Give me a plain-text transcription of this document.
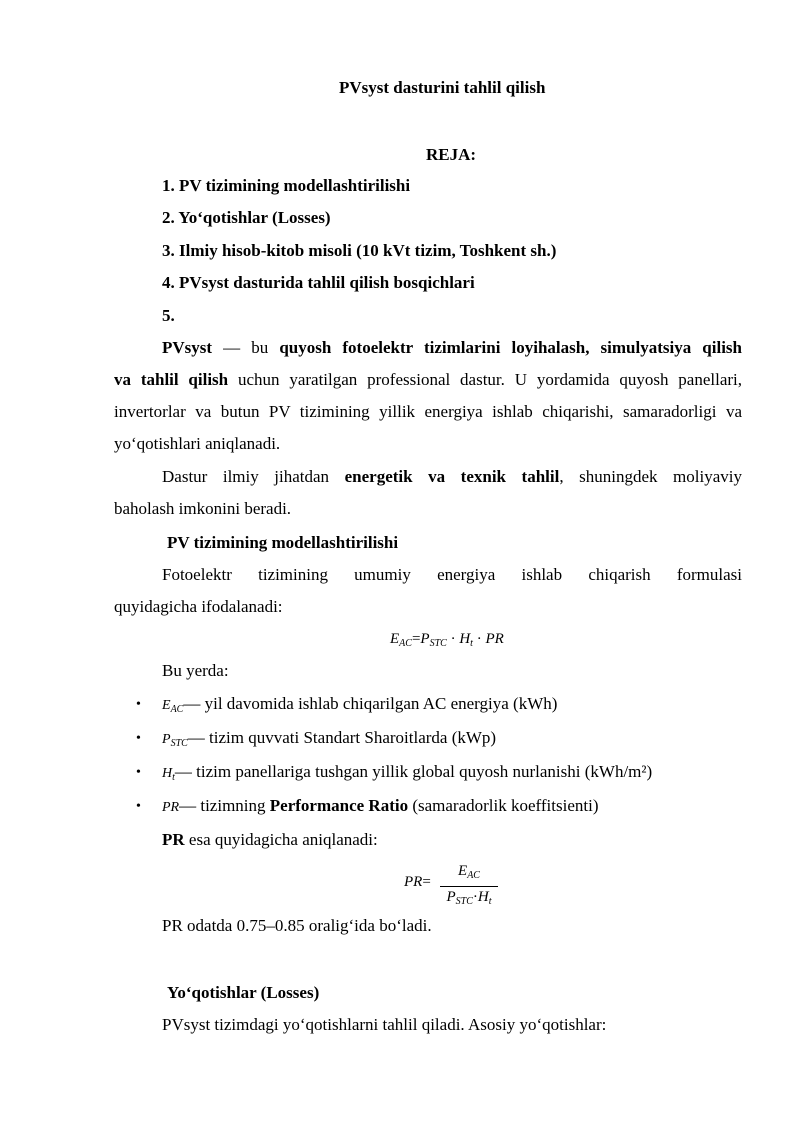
PVsyst dasturini tahlil qilish
REJA:
1. PV tizimining modellashtirilishi
2. Yo‘qotishlar (Losses)
3. Ilmiy hisob-kitob misoli (10 kVt tizim, Toshkent sh.)
4. PVsyst dasturida tahlil qilish bosqichlari
5.
PVsyst — bu quyosh fotoelektr tizimlarini loyihalash, simulyatsiya qilish
va tahlil qilish uchun yaratilgan professional dastur. U yordamida quyosh panellari,
invertorlar va butun PV tizimining yillik energiya ishlab chiqarishi, samaradorligi va
yo‘qotishlari aniqlanadi.
Dastur ilmiy jihatdan energetik va texnik tahlil, shuningdek moliyaviy
baholash imkonini beradi.
PV tizimining modellashtirilishi
Fotoelektr tizimining umumiy energiya ishlab chiqarish formulasi
quyidagicha ifodalanadi:
$E_{AC}=P_{STC} \cdot H_t$ · PR
Bu yerda:
• $E_{AC}—$ yil davomida ishlab chiqarilgan AC energiya (kWh)
• $P_{STC}—$ tizim quvvati Standart Sharoitlarda (kWp)
• $H_t—$ tizim panellariga tushgan yillik global quyosh nurlanishi (kWh/m²)
• PR— tizimning Performance Ratio (samaradorlik koeffitsienti)
PR esa quyidagicha aniqlanadi:
PR=
$E_{AC}$
$P_{STC}\cdot H_t$
PR odatda 0.75–0.85 oralig‘ida bo‘ladi.
Yo‘qotishlar (Losses)
PVsyst tizimdagi yo‘qotishlarni tahlil qiladi. Asosiy yo‘qotishlar:
